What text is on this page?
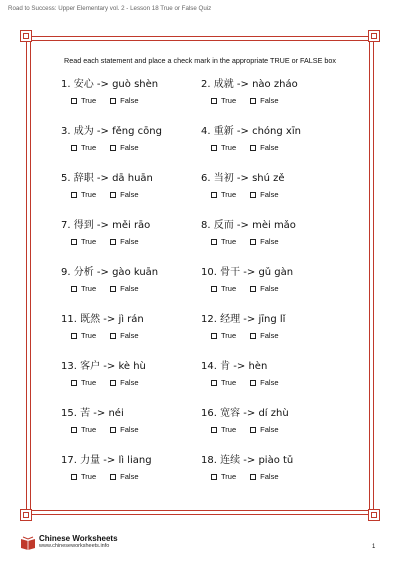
Road to Success: Upper Elementary vol. 2 - Lesson 18 True or False Quiz
Read each statement and place a check mark in the appropriate TRUE or FALSE box
1. 安心 -> guò shèn
True	False
2. 成就 -> nào zháo
True	False
3. 成为 -> fěng cōng
True	False
4. 重新 -> chóng xīn
True	False
5. 辞职 -> dā huān
True	False
6. 当初 -> shú zě
True	False
7. 得到 -> měi rāo
True	False
8. 反而 -> mèi mǎo
True	False
9. 分析 -> gào kuān
True	False
10. 骨干 -> gǔ gàn
True	False
11. 既然 -> jì rán
True	False
12. 经理 -> jīng lǐ
True	False
13. 客户 -> kè hù
True	False
14. 肯 -> hèn
True	False
15. 苦 -> néi
True	False
16. 宽容 -> dí zhù
True	False
17. 力量 -> lì liang
True	False
18. 连续 -> piào tǔ
True	False
Chinese Worksheets
www.chineseworksheets.info	1
